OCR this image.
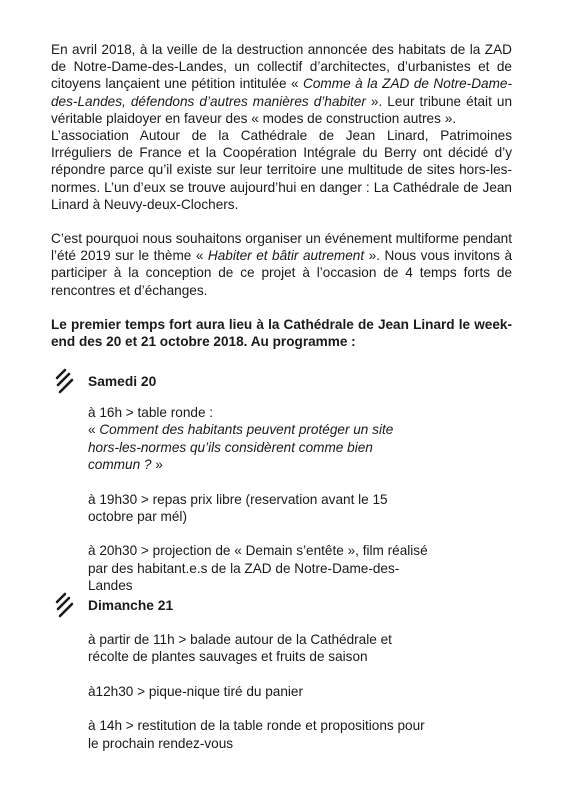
En avril 2018, à la veille de la destruction annoncée des habitats de la ZAD de Notre-Dame-des-Landes, un collectif d’architectes, d’urbanistes et de citoyens lançaient une pétition intitulée « Comme à la ZAD de Notre-Dame-des-Landes, défendons d’autres manières d’habiter ». Leur tribune était un véritable plaidoyer en faveur des « modes de construction autres ».

L’association Autour de la Cathédrale de Jean Linard, Patrimoines Irréguliers de France et la Coopération Intégrale du Berry ont décidé d’y répondre parce qu’il existe sur leur territoire une multitude de sites hors-les-normes. L’un d’eux se trouve aujourd’hui en danger : La Cathédrale de Jean Linard à Neuvy-deux-Clochers.

C’est pourquoi nous souhaitons organiser un événement multiforme pendant l’été 2019 sur le thème « Habiter et bâtir autrement ». Nous vous invitons à participer à la conception de ce projet à l’occasion de 4 temps forts de rencontres et d’échanges.

Le premier temps fort aura lieu à la Cathédrale de Jean Linard le week-end des 20 et 21 octobre 2018. Au programme :

Samedi 20

à 16h > table ronde :
« Comment des habitants peuvent protéger un site hors-les-normes qu’ils considèrent comme bien commun ? »

à 19h30 > repas prix libre (reservation avant le 15 octobre par mél)

à 20h30 > projection de « Demain s’entête », film réalisé par des habitant.e.s de la ZAD de Notre-Dame-des-Landes

Dimanche 21

à partir de 11h > balade autour de la Cathédrale et récolte de plantes sauvages et fruits de saison

à12h30 > pique-nique tiré du panier

à 14h > restitution de la table ronde et propositions pour le prochain rendez-vous
